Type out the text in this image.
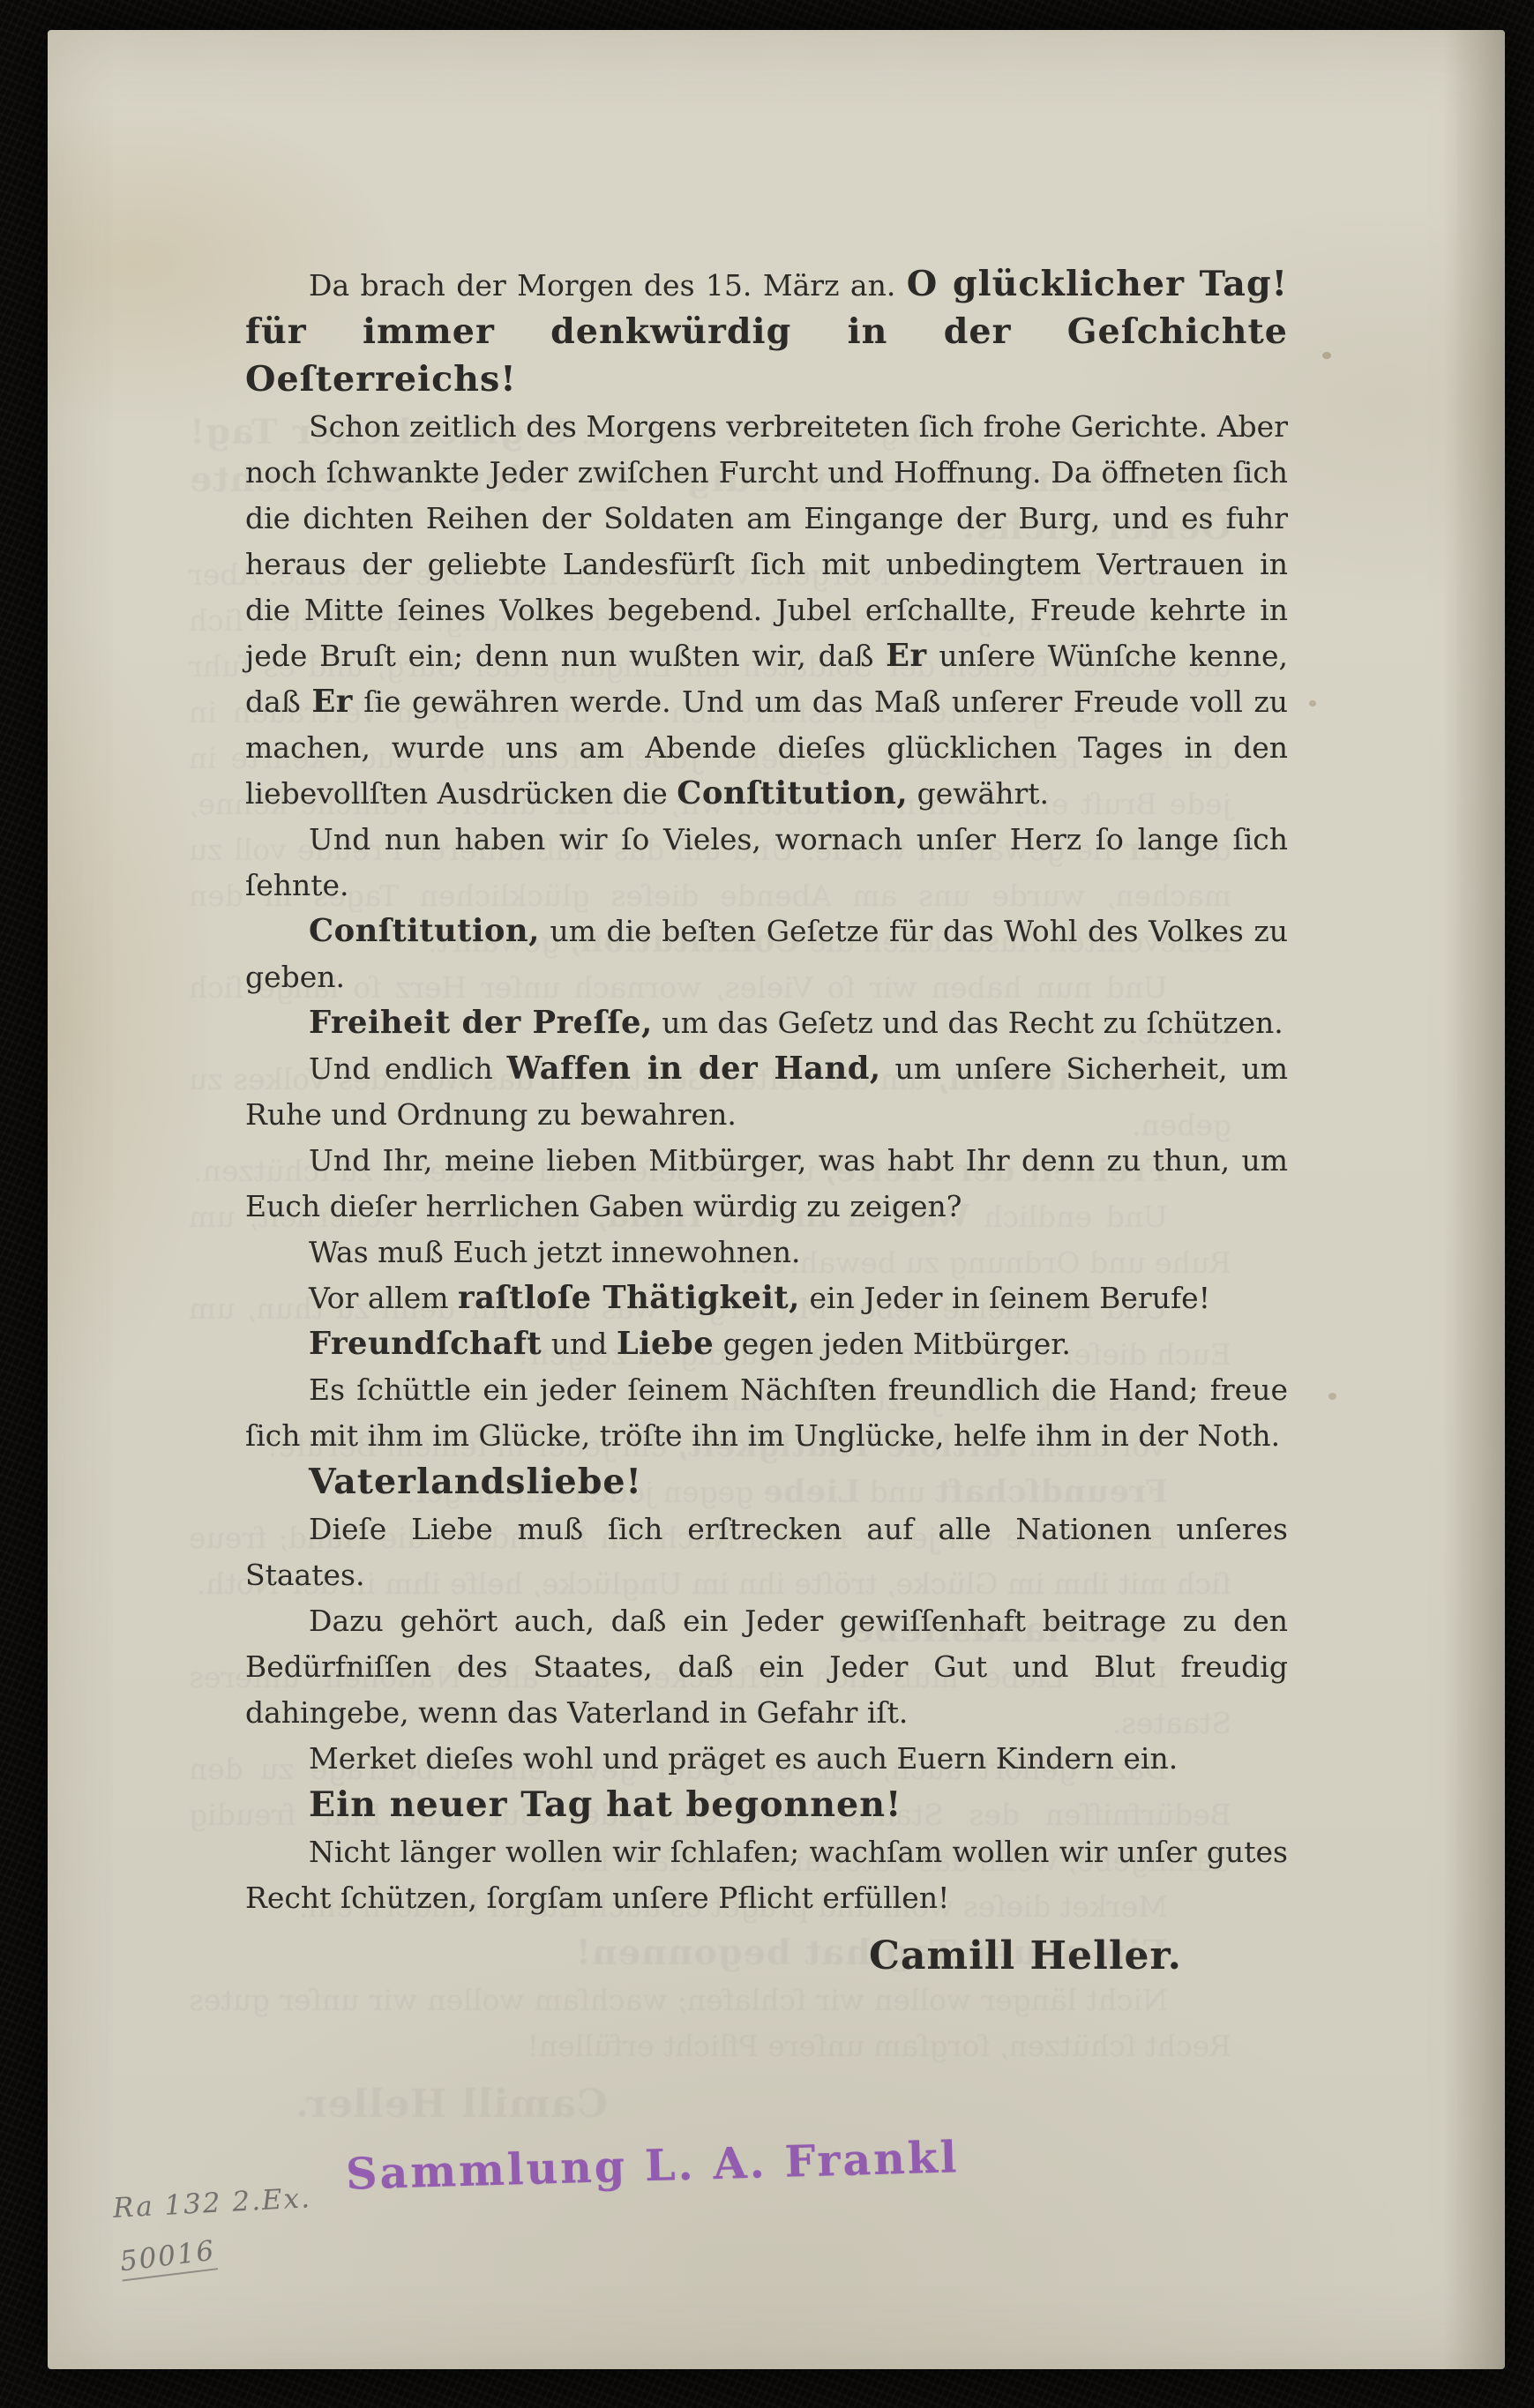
Da brach der Morgen des 15. März an. O glücklicher Tag! für immer denkwürdig in der Geſchichte Oeſterreichs!

Schon zeitlich des Morgens verbreiteten ſich frohe Gerichte. Aber noch ſchwankte Jeder zwiſchen Furcht und Hoffnung. Da öffneten ſich die dichten Reihen der Soldaten am Eingange der Burg, und es fuhr heraus der geliebte Landesfürſt ſich mit unbedingtem Vertrauen in die Mitte ſeines Volkes begebend. Jubel erſchallte, Freude kehrte in jede Bruſt ein; denn nun wußten wir, daß Er unſere Wünſche kenne, daß Er ſie gewähren werde. Und um das Maß unſerer Freude voll zu machen, wurde uns am Abende dieſes glücklichen Tages in den liebevollſten Ausdrücken die Conſtitution, gewährt.

Und nun haben wir ſo Vieles, wornach unſer Herz ſo lange ſich ſehnte.

Conſtitution, um die beſten Geſetze für das Wohl des Volkes zu geben.

Freiheit der Preſſe, um das Geſetz und das Recht zu ſchützen.

Und endlich Waffen in der Hand, um unſere Sicherheit, um Ruhe und Ordnung zu bewahren.

Und Ihr, meine lieben Mitbürger, was habt Ihr denn zu thun, um Euch dieſer herrlichen Gaben würdig zu zeigen?

Was muß Euch jetzt innewohnen.

Vor allem raſtloſe Thätigkeit, ein Jeder in ſeinem Berufe!

Freundſchaft und Liebe gegen jeden Mitbürger.

Es ſchüttle ein jeder ſeinem Nächſten freundlich die Hand; freue ſich mit ihm im Glücke, tröſte ihn im Unglücke, helfe ihm in der Noth.

Vaterlandsliebe!

Dieſe Liebe muß ſich erſtrecken auf alle Nationen unſeres Staates.

Dazu gehört auch, daß ein Jeder gewiſſenhaft beitrage zu den Bedürfniſſen des Staates, daß ein Jeder Gut und Blut freudig dahingebe, wenn das Vaterland in Gefahr iſt.

Merket dieſes wohl und präget es auch Euern Kindern ein.

Ein neuer Tag hat begonnen!

Nicht länger wollen wir ſchlafen; wachſam wollen wir unſer gutes Recht ſchützen, ſorgſam unſere Pflicht erfüllen!

Camill Heller.

Sammlung L. A. Frankl
Ra 132 2.Ex.
50016
